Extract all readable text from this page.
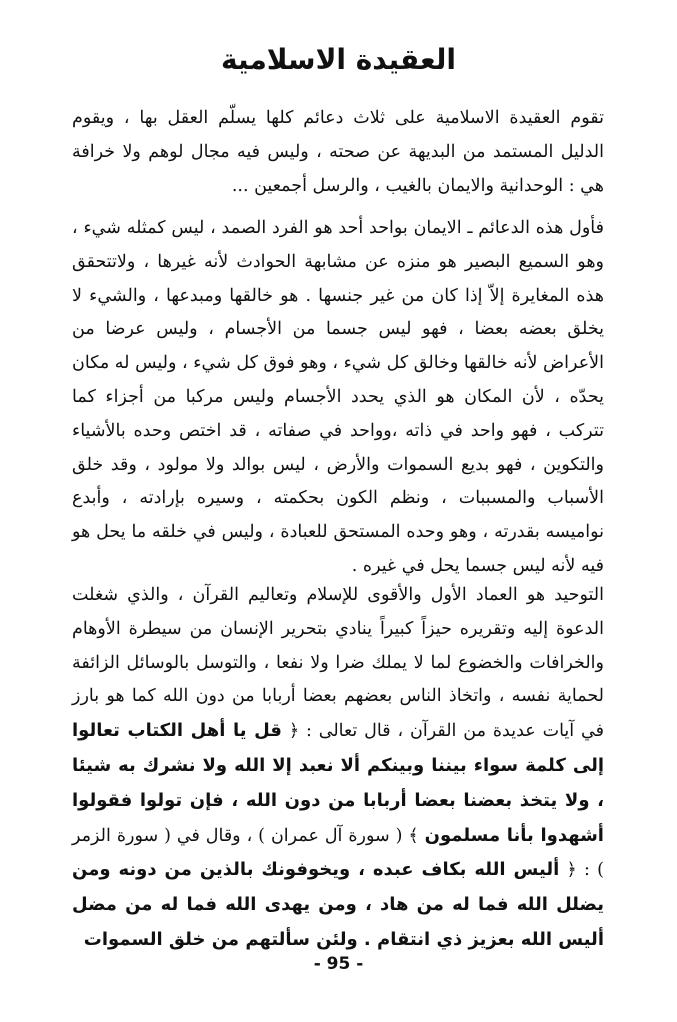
العقيدة الاسلامية

تقوم العقيدة الاسلامية على ثلاث دعائم كلها يسلّم العقل بها ، ويقوم الدليل المستمد من البديهة عن صحته ، وليس فيه مجال لوهم ولا خرافة هي : الوحدانية والايمان بالغيب ، والرسل أجمعين ...

فأول هذه الدعائم ـ الايمان بواحد أحد هو الفرد الصمد ، ليس كمثله شيء ، وهو السميع البصير هو منزه عن مشابهة الحوادث لأنه غيرها ، ولاتتحقق هذه المغايرة إلاّ إذا كان من غير جنسها . هو خالقها ومبدعها ، والشيء لا يخلق بعضه بعضا ، فهو ليس جسما من الأجسام ، وليس عرضا من الأعراض لأنه خالقها وخالق كل شيء ، وهو فوق كل شيء ، وليس له مكان يحدّه ، لأن المكان هو الذي يحدد الأجسام وليس مركبا من أجزاء كما تتركب ، فهو واحد في ذاته ،وواحد في صفاته ، قد اختص وحده بالأشياء والتكوين ، فهو بديع السموات والأرض ، ليس بوالد ولا مولود ، وقد خلق الأسباب والمسببات ، ونظم الكون بحكمته ، وسيره بإرادته ، وأبدع نواميسه بقدرته ، وهو وحده المستحق للعبادة ، وليس في خلقه ما يحل هو فيه لأنه ليس جسما يحل في غيره .

التوحيد هو العماد الأول والأقوى للإسلام وتعاليم القرآن ، والذي شغلت الدعوة إليه وتقريره حيزاً كبيراً ينادي بتحرير الإنسان من سيطرة الأوهام والخرافات والخضوع لما لا يملك ضرا ولا نفعا ، والتوسل بالوسائل الزائفة لحماية نفسه ، واتخاذ الناس بعضهم بعضا أربابا من دون الله كما هو بارز في آيات عديدة من القرآن ، قال تعالى : ﴿ قل يا أهل الكتاب تعالوا إلى كلمة سواء بيننا وبينكم ألا نعبد إلا الله ولا نشرك به شيئا ، ولا يتخذ بعضنا بعضا أربابا من دون الله ، فإن تولوا فقولوا أشهدوا بأنا مسلمون ﴾ ( سورة آل عمران ) ، وقال في ( سورة الزمر ) : ﴿ أليس الله بكاف عبده ، ويخوفونك بالذين من دونه ومن يضلل الله فما له من هاد ، ومن يهدى الله فما له من مضل أليس الله بعزيز ذي انتقام . ولئن سألتهم من خلق السموات

- 95 -
